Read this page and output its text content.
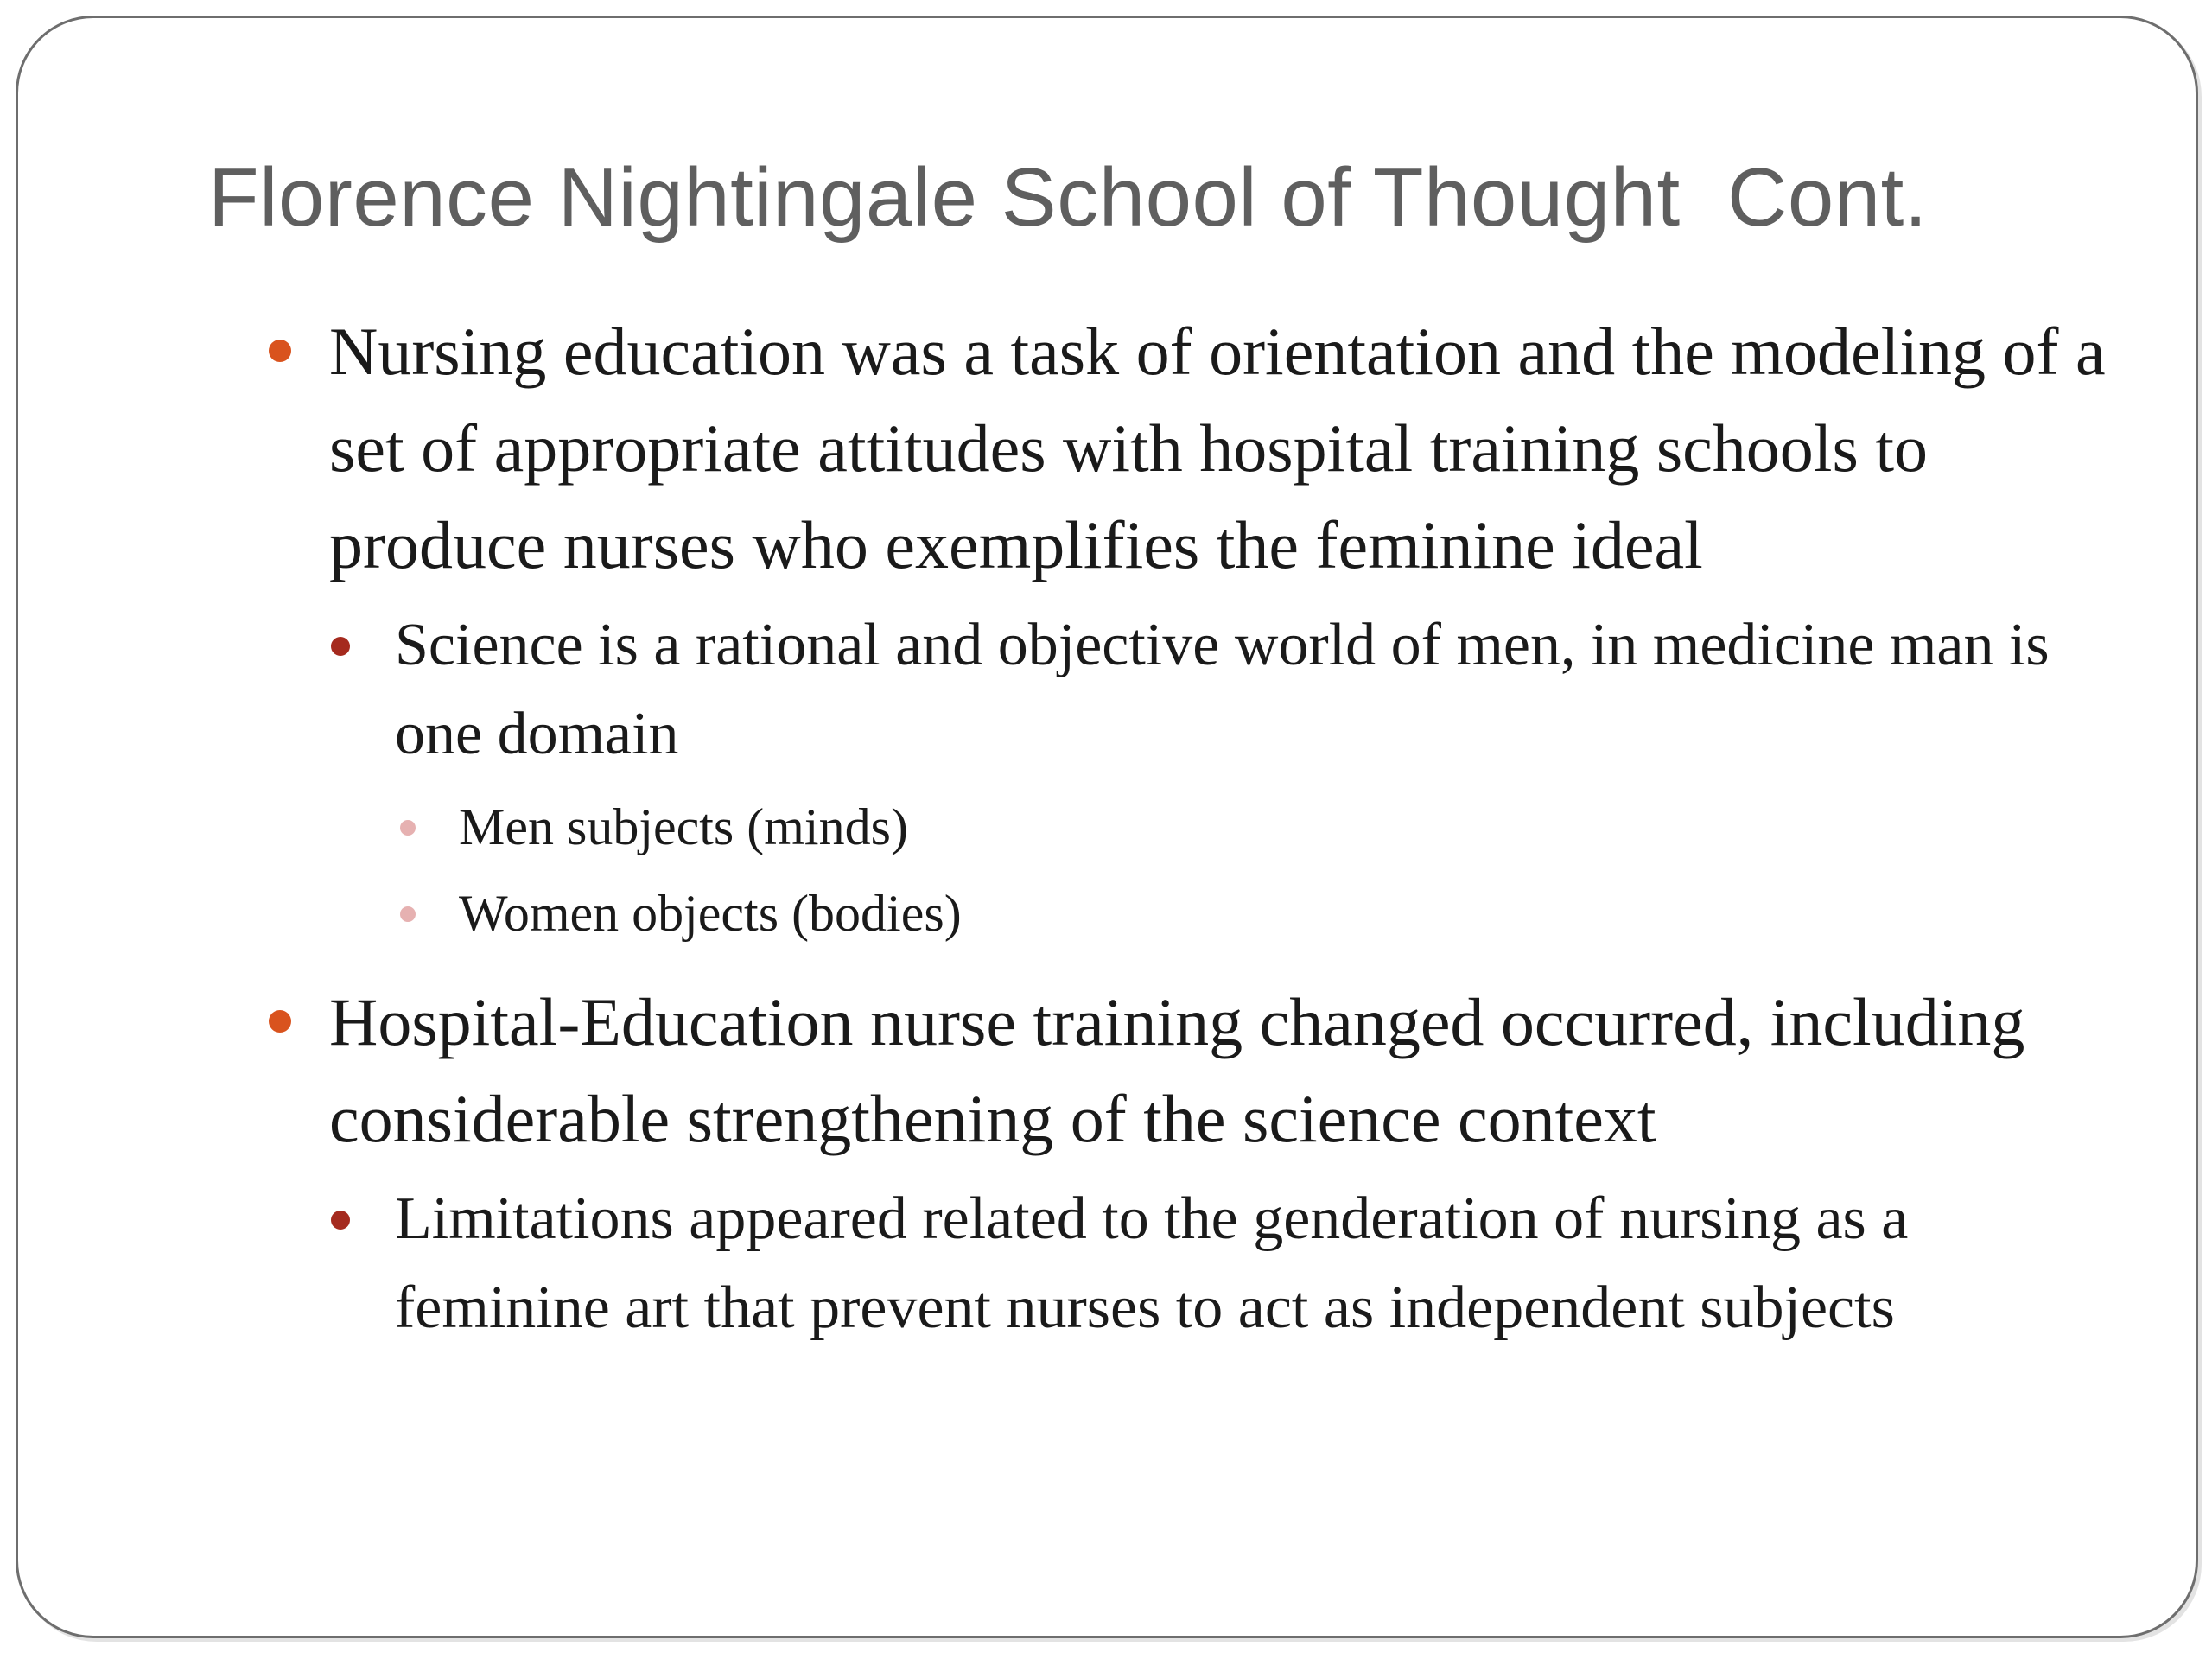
Florence Nightingale School of Thought  Cont.
Nursing education was a task of orientation and the modeling of a set of appropriate attitudes with hospital training schools to produce nurses who exemplifies the feminine ideal
Science is a rational and objective world of men, in medicine man is one domain
Men subjects (minds)
Women objects (bodies)
Hospital-Education nurse training changed occurred, including considerable strengthening of the science context
Limitations appeared related to the genderation of nursing as a feminine art that prevent nurses to act as independent subjects
